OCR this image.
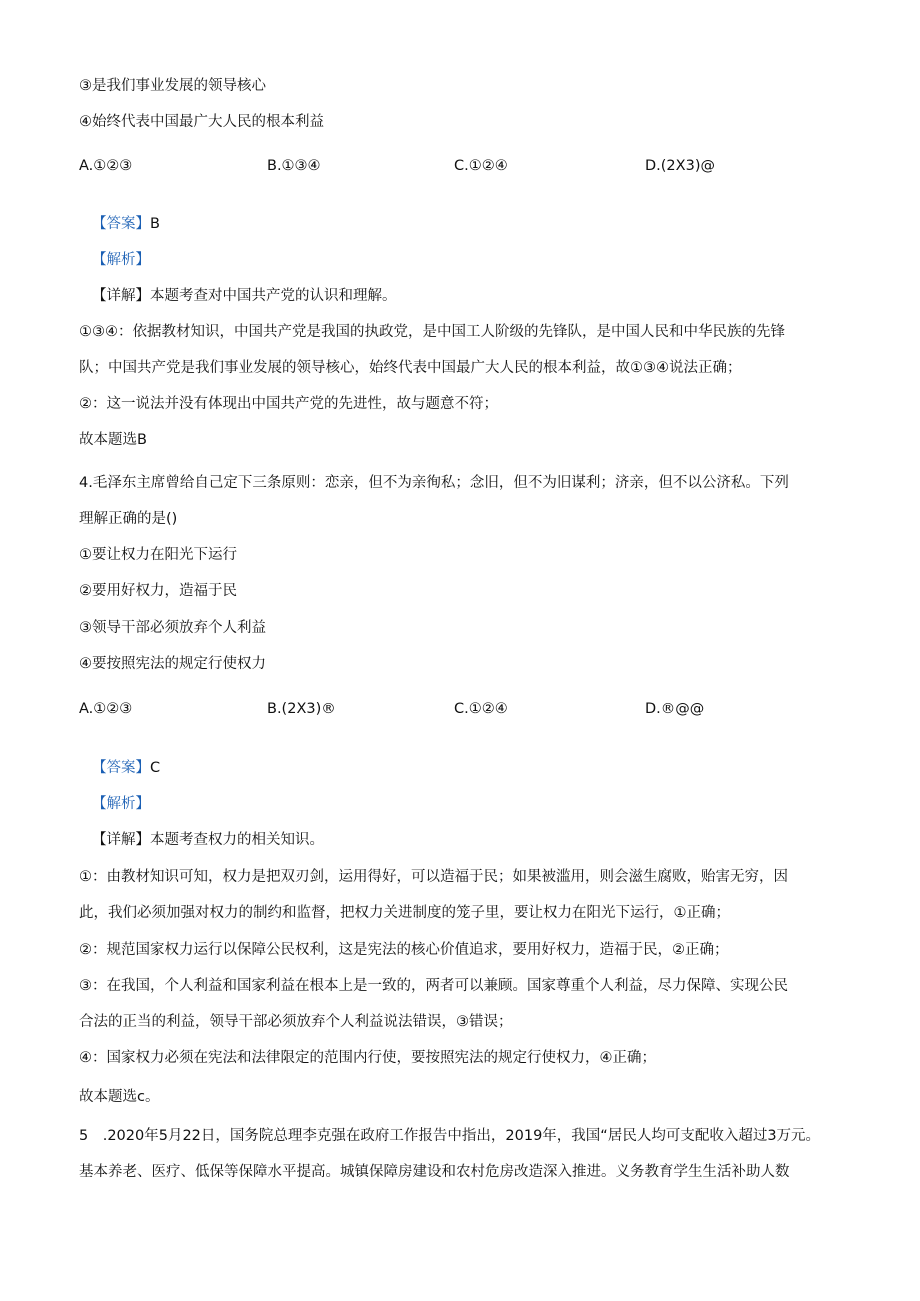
③是我们事业发展的领导核心
④始终代表中国最广大人民的根本利益
A.①②③	B.①③④	C.①②④	D.(2X3)@
【答案】B
【解析】
【详解】本题考查对中国共产党的认识和理解。
①③④：依据教材知识，中国共产党是我国的执政党，是中国工人阶级的先锋队，是中国人民和中华民族的先锋
队；中国共产党是我们事业发展的领导核心，始终代表中国最广大人民的根本利益，故①③④说法正确；
②：这一说法并没有体现出中国共产党的先进性，故与题意不符；
故本题选B
4.毛泽东主席曾给自己定下三条原则：恋亲，但不为亲徇私；念旧，但不为旧谋利；济亲，但不以公济私。下列
理解正确的是()
①要让权力在阳光下运行
②要用好权力，造福于民
③领导干部必须放弃个人利益
④要按照宪法的规定行使权力
A.①②③	B.(2X3)®	C.①②④	D.®@@
【答案】C
【解析】
【详解】本题考查权力的相关知识。
①：由教材知识可知，权力是把双刃剑，运用得好，可以造福于民；如果被滥用，则会滋生腐败，贻害无穷，因
此，我们必须加强对权力的制约和监督，把权力关进制度的笼子里，要让权力在阳光下运行，①正确；
②：规范国家权力运行以保障公民权利，这是宪法的核心价值追求，要用好权力，造福于民，②正确；
③：在我国，个人利益和国家利益在根本上是一致的，两者可以兼顾。国家尊重个人利益，尽力保障、实现公民
合法的正当的利益，领导干部必须放弃个人利益说法错误，③错误；
④：国家权力必须在宪法和法律限定的范围内行使，要按照宪法的规定行使权力，④正确；
故本题选c。
5　.2020年5月22日，国务院总理李克强在政府工作报告中指出，2019年，我国“居民人均可支配收入超过3万元。
基本养老、医疗、低保等保障水平提高。城镇保障房建设和农村危房改造深入推进。义务教育学生生活补助人数
